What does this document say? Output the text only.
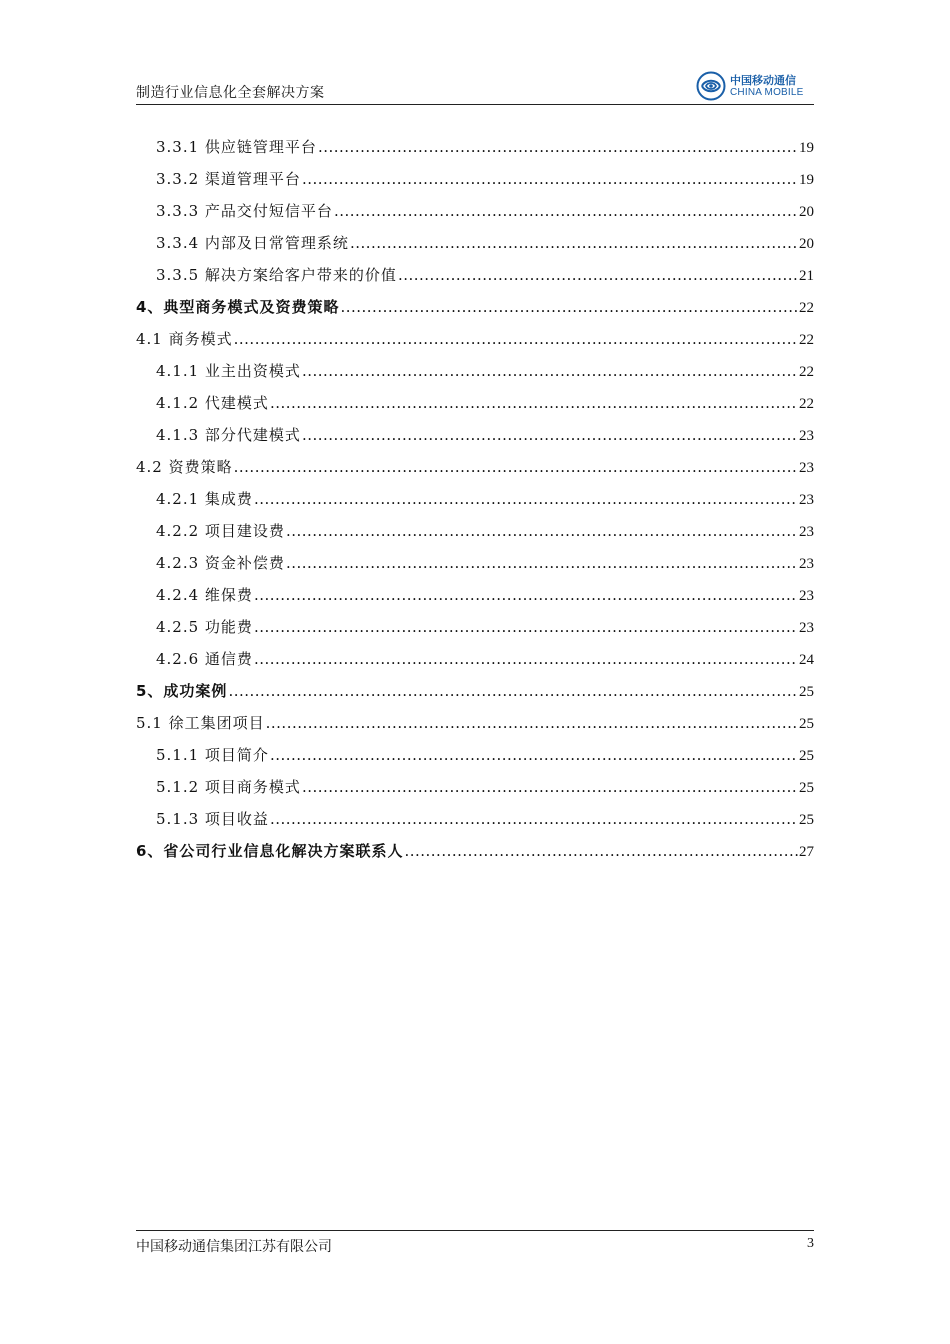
制造行业信息化全套解决方案
中国移动通信
CHINA MOBILE
3.3.1 供应链管理平台 .....	19
3.3.2 渠道管理平台 .....	19
3.3.3 产品交付短信平台 .....	20
3.3.4 内部及日常管理系统 .....	20
3.3.5 解决方案给客户带来的价值 .....	21
4、典型商务模式及资费策略 .....	22
4.1 商务模式 .....	22
4.1.1 业主出资模式 .....	22
4.1.2 代建模式 .....	22
4.1.3 部分代建模式 .....	23
4.2 资费策略 .....	23
4.2.1 集成费 .....	23
4.2.2 项目建设费 .....	23
4.2.3 资金补偿费 .....	23
4.2.4 维保费 .....	23
4.2.5 功能费 .....	23
4.2.6 通信费 .....	24
5、成功案例 .....	25
5.1 徐工集团项目 .....	25
5.1.1 项目简介 .....	25
5.1.2 项目商务模式 .....	25
5.1.3 项目收益 .....	25
6、省公司行业信息化解决方案联系人 .....	27
中国移动通信集团江苏有限公司	3
